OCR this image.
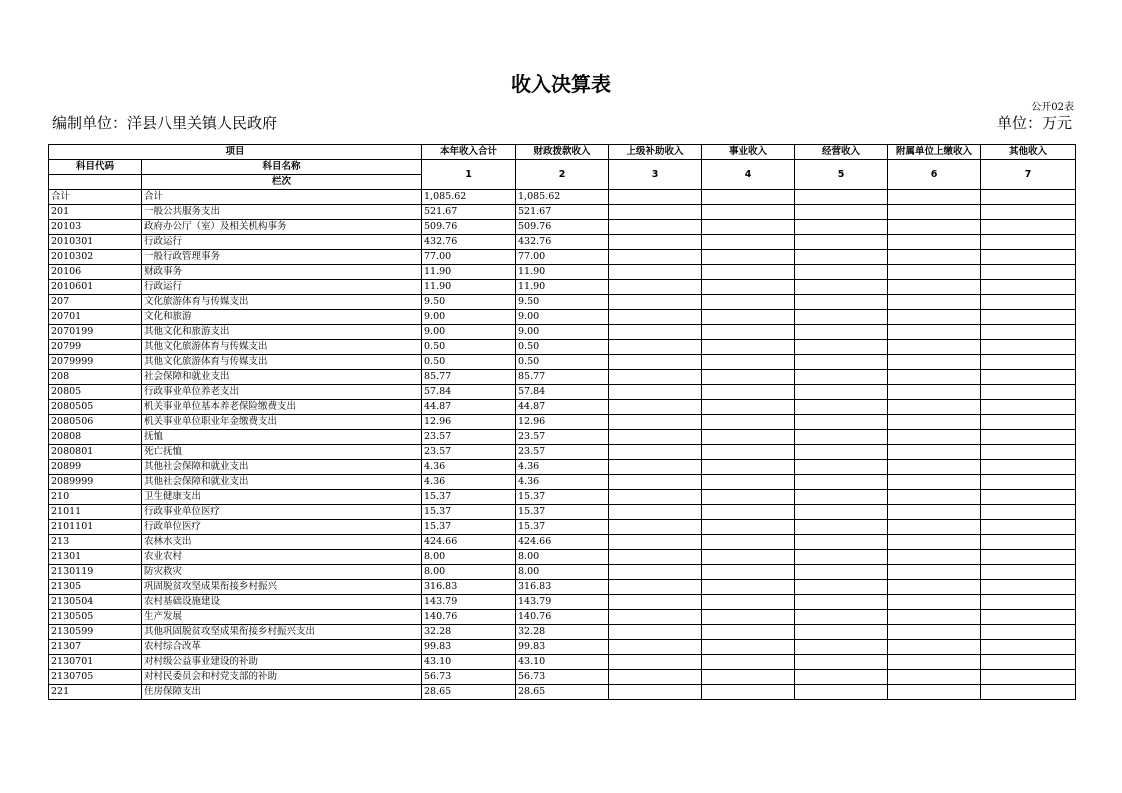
收入决算表
公开02表
编制单位：洋县八里关镇人民政府	单位：万元
项目		本年收入合计	财政拨款收入	上级补助收入	事业收入	经营收入	附属单位上缴收入	其他收入
科目代码	科目名称	1	2	3	4	5	6	7
	栏次							
合计	合计	1,085.62	1,085.62					
201	一般公共服务支出	521.67	521.67					
20103	政府办公厅（室）及相关机构事务	509.76	509.76					
2010301	行政运行	432.76	432.76					
2010302	一般行政管理事务	77.00	77.00					
20106	财政事务	11.90	11.90					
2010601	行政运行	11.90	11.90					
207	文化旅游体育与传媒支出	9.50	9.50					
20701	文化和旅游	9.00	9.00					
2070199	其他文化和旅游支出	9.00	9.00					
20799	其他文化旅游体育与传媒支出	0.50	0.50					
2079999	其他文化旅游体育与传媒支出	0.50	0.50					
208	社会保障和就业支出	85.77	85.77					
20805	行政事业单位养老支出	57.84	57.84					
2080505	机关事业单位基本养老保险缴费支出	44.87	44.87					
2080506	机关事业单位职业年金缴费支出	12.96	12.96					
20808	抚恤	23.57	23.57					
2080801	死亡抚恤	23.57	23.57					
20899	其他社会保障和就业支出	4.36	4.36					
2089999	其他社会保障和就业支出	4.36	4.36					
210	卫生健康支出	15.37	15.37					
21011	行政事业单位医疗	15.37	15.37					
2101101	行政单位医疗	15.37	15.37					
213	农林水支出	424.66	424.66					
21301	农业农村	8.00	8.00					
2130119	防灾救灾	8.00	8.00					
21305	巩固脱贫攻坚成果衔接乡村振兴	316.83	316.83					
2130504	农村基础设施建设	143.79	143.79					
2130505	生产发展	140.76	140.76					
2130599	其他巩固脱贫攻坚成果衔接乡村振兴支出	32.28	32.28					
21307	农村综合改革	99.83	99.83					
2130701	对村级公益事业建设的补助	43.10	43.10					
2130705	对村民委员会和村党支部的补助	56.73	56.73					
221	住房保障支出	28.65	28.65					
